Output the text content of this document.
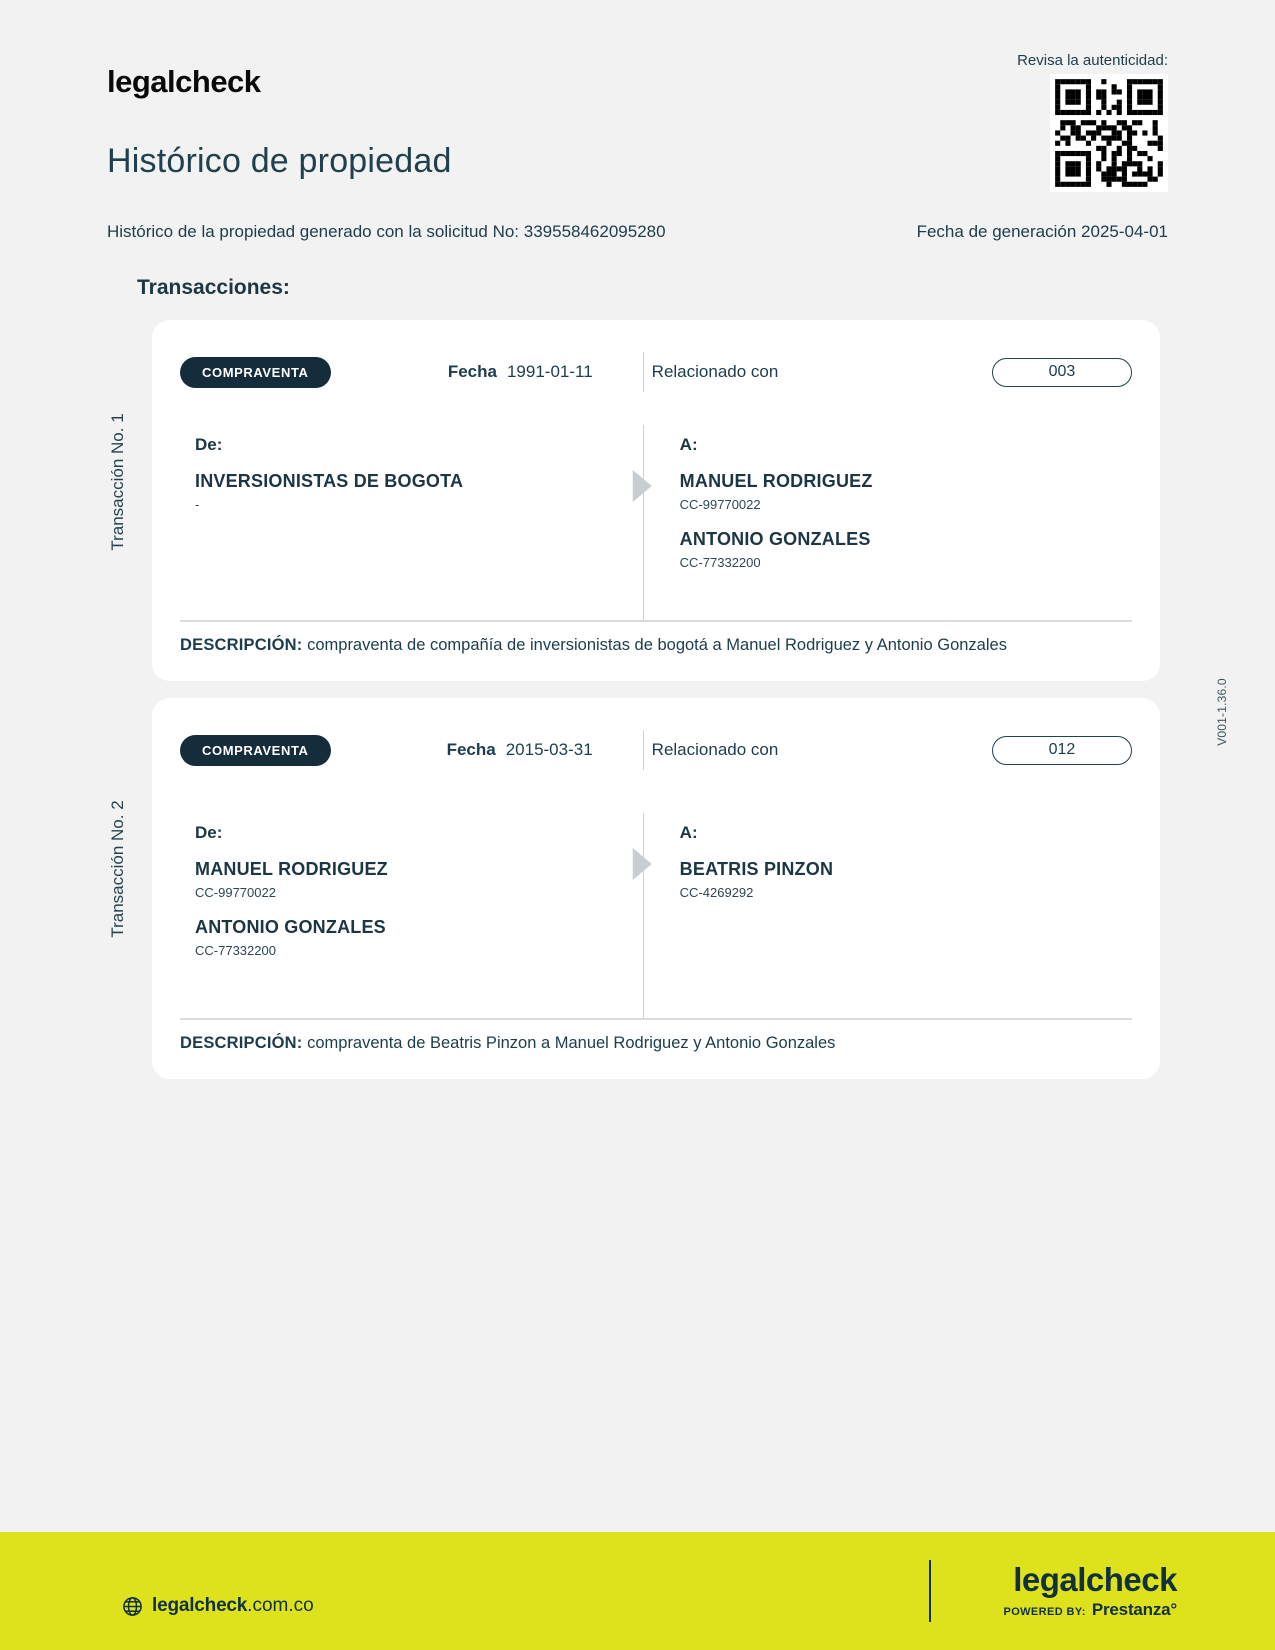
legalcheck
Histórico de propiedad
Revisa la autenticidad:
Histórico de la propiedad generado con la solicitud No: 339558462095280	Fecha de generación 2025-04-01
Transacciones:
Transacción No. 1
COMPRAVENTA	Fecha 1991-01-11	Relacionado con	003
De:
INVERSIONISTAS DE BOGOTA
-
A:
MANUEL RODRIGUEZ
CC-99770022
ANTONIO GONZALES
CC-77332200
DESCRIPCIÓN: compraventa de compañía de inversionistas de bogotá a Manuel Rodriguez y Antonio Gonzales
Transacción No. 2
COMPRAVENTA	Fecha 2015-03-31	Relacionado con	012
De:
MANUEL RODRIGUEZ
CC-99770022
ANTONIO GONZALES
CC-77332200
A:
BEATRIS PINZON
CC-4269292
DESCRIPCIÓN: compraventa de Beatris Pinzon a Manuel Rodriguez y Antonio Gonzales
V001-1.36.0
legalcheck.com.co
legalcheck
POWERED BY: Prestanza°
